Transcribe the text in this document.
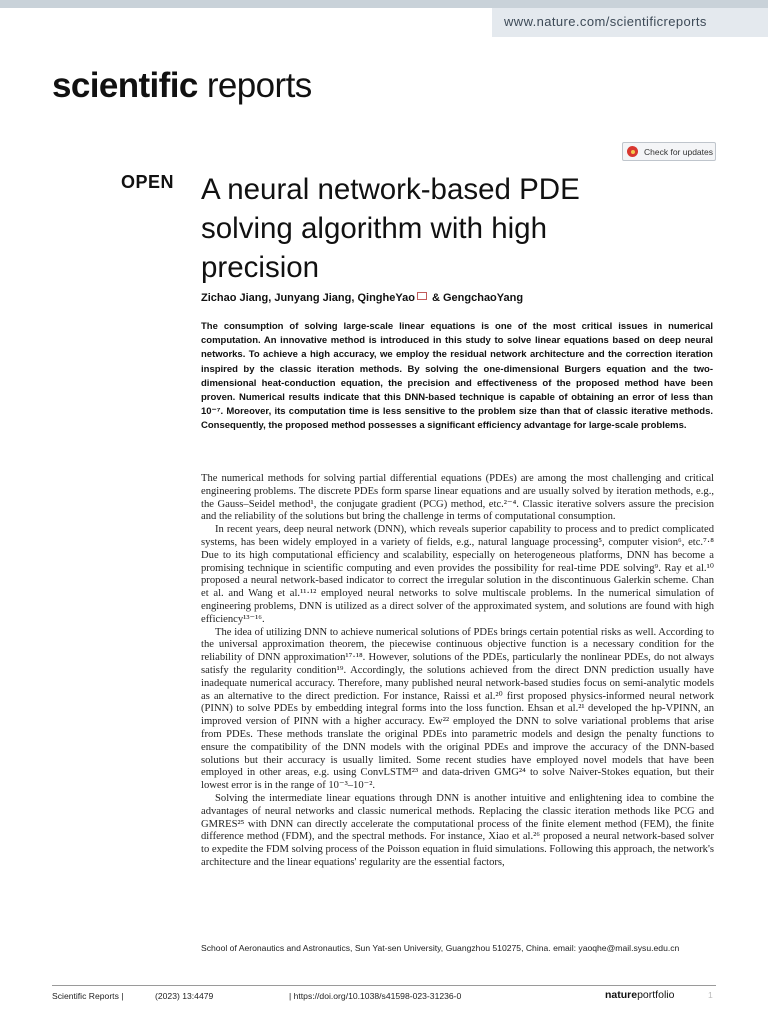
www.nature.com/scientificreports
scientific reports
Check for updates
OPEN A neural network-based PDE solving algorithm with high precision
Zichao Jiang, Junyang Jiang, QingheYao & GengchaoYang

The consumption of solving large-scale linear equations is one of the most critical issues in numerical computation. An innovative method is introduced in this study to solve linear equations based on deep neural networks. To achieve a high accuracy, we employ the residual network architecture and the correction iteration inspired by the classic iteration methods. By solving the one-dimensional Burgers equation and the two-dimensional heat-conduction equation, the precision and effectiveness of the proposed method have been proven. Numerical results indicate that this DNN-based technique is capable of obtaining an error of less than 10⁻⁷. Moreover, its computation time is less sensitive to the problem size than that of classic iterative methods. Consequently, the proposed method possesses a significant efficiency advantage for large-scale problems.

The numerical methods for solving partial differential equations (PDEs) are among the most challenging and critical engineering problems. The discrete PDEs form sparse linear equations and are usually solved by iteration methods, e.g., the Gauss–Seidel method¹, the conjugate gradient (PCG) method, etc.²⁻⁴. Classic iterative solvers assure the precision and the reliability of the solutions but bring the challenge in terms of computational consumption.

In recent years, deep neural network (DNN), which reveals superior capability to process and to predict complicated systems, has been widely employed in a variety of fields, e.g., natural language processing⁵, computer vision⁶, etc.⁷·⁸ Due to its high computational efficiency and scalability, especially on heterogeneous platforms, DNN has become a promising technique in scientific computing and even provides the possibility for real-time PDE solving⁹. Ray et al.¹⁰ proposed a neural network-based indicator to correct the irregular solution in the discontinuous Galerkin scheme. Chan et al. and Wang et al.¹¹·¹² employed neural networks to solve multiscale problems. In the numerical simulation of engineering problems, DNN is utilized as a direct solver of the approximated system, and solutions are found with high efficiency¹³⁻¹⁶.

The idea of utilizing DNN to achieve numerical solutions of PDEs brings certain potential risks as well. According to the universal approximation theorem, the piecewise continuous objective function is a necessary condition for the reliability of DNN approximation¹⁷·¹⁸. However, solutions of the PDEs, particularly the nonlinear PDEs, do not always satisfy the regularity condition¹⁹. Accordingly, the solutions achieved from the direct DNN prediction usually have inadequate numerical accuracy. Therefore, many published neural network-based studies focus on semi-analytic models as an alternative to the direct prediction. For instance, Raissi et al.²⁰ first proposed physics-informed neural network (PINN) to solve PDEs by embedding integral forms into the loss function. Ehsan et al.²¹ developed the hp-VPINN, an improved version of PINN with a higher accuracy. Ew²² employed the DNN to solve variational problems that arise from PDEs. These methods translate the original PDEs into parametric models and design the penalty functions to ensure the compatibility of the DNN models with the original PDEs and improve the accuracy of the DNN-based solutions but their accuracy is usually limited. Some recent studies have employed novel models that have been employed in other areas, e.g. using ConvLSTM²³ and data-driven GMG²⁴ to solve Naiver-Stokes equation, but their lowest error is in the range of 10⁻³–10⁻².

Solving the intermediate linear equations through DNN is another intuitive and enlightening idea to combine the advantages of neural networks and classic numerical methods. Replacing the classic iteration methods like PCG and GMRES²⁵ with DNN can directly accelerate the computational process of the finite element method (FEM), the finite difference method (FDM), and the spectral methods. For instance, Xiao et al.²⁶ proposed a neural network-based solver to expedite the FDM solving process of the Poisson equation in fluid simulations. Following this approach, the network's architecture and the linear equations' regularity are the essential factors,

School of Aeronautics and Astronautics, Sun Yat-sen University, Guangzhou 510275, China. email: yaoqhe@mail.sysu.edu.cn

Scientific Reports |	(2023) 13:4479	| https://doi.org/10.1038/s41598-023-31236-0	natureportfolio	1
